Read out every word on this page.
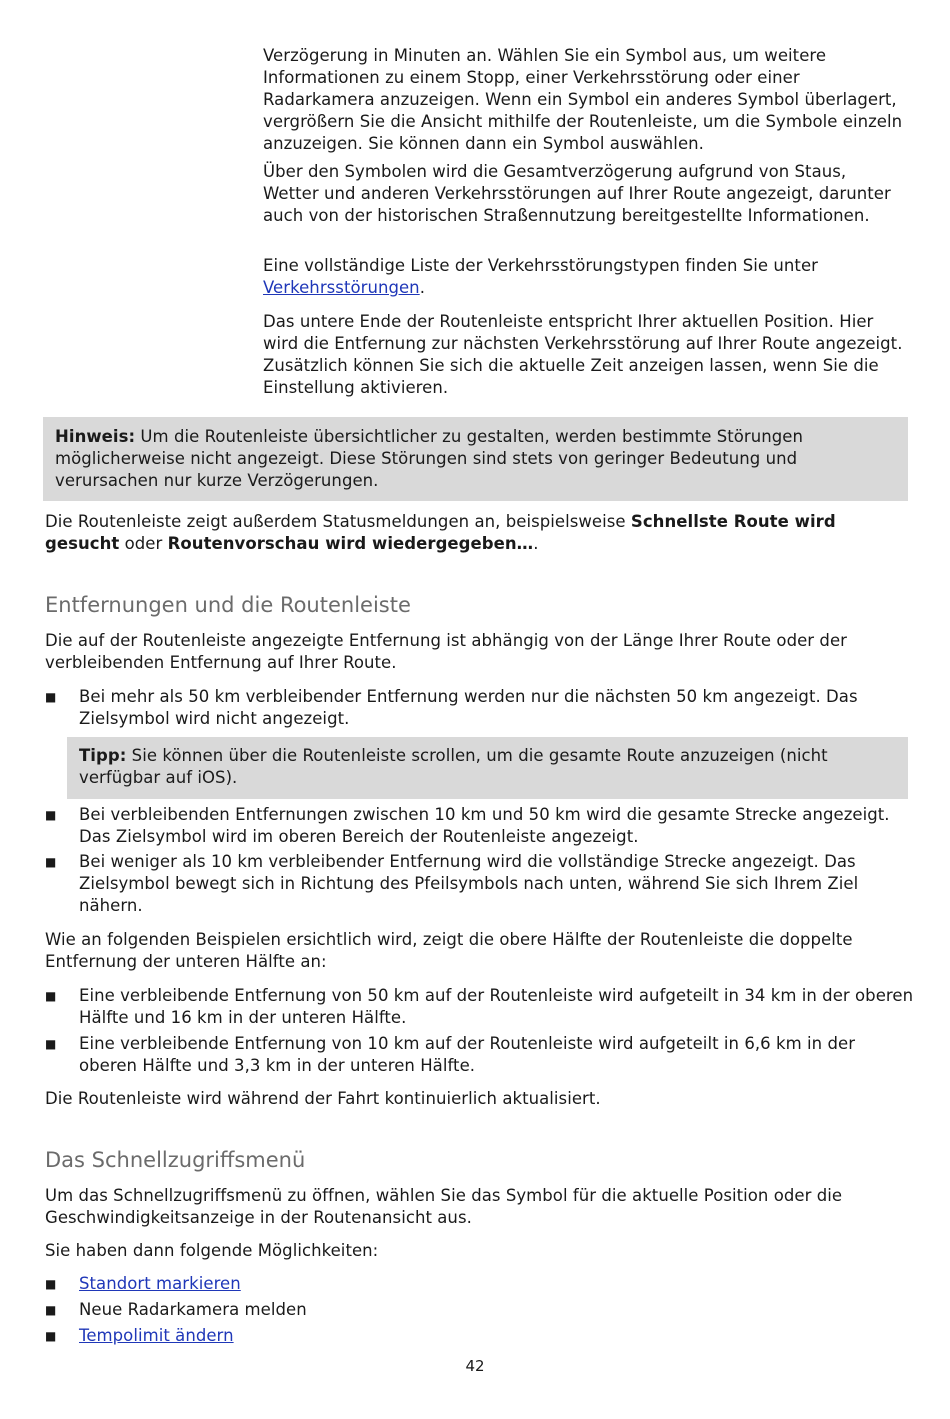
Verzögerung in Minuten an. Wählen Sie ein Symbol aus, um weitere Informationen zu einem Stopp, einer Verkehrsstörung oder einer Radarkamera anzuzeigen. Wenn ein Symbol ein anderes Symbol überlagert, vergrößern Sie die Ansicht mithilfe der Routenleiste, um die Symbole einzeln anzuzeigen. Sie können dann ein Symbol auswählen.

Über den Symbolen wird die Gesamtverzögerung aufgrund von Staus, Wetter und anderen Verkehrsstörungen auf Ihrer Route angezeigt, darunter auch von der historischen Straßennutzung bereitgestellte Informationen.

Eine vollständige Liste der Verkehrsstörungstypen finden Sie unter Verkehrsstörungen.

Das untere Ende der Routenleiste entspricht Ihrer aktuellen Position. Hier wird die Entfernung zur nächsten Verkehrsstörung auf Ihrer Route angezeigt. Zusätzlich können Sie sich die aktuelle Zeit anzeigen lassen, wenn Sie die Einstellung aktivieren.

Hinweis: Um die Routenleiste übersichtlicher zu gestalten, werden bestimmte Störungen möglicherweise nicht angezeigt. Diese Störungen sind stets von geringer Bedeutung und verursachen nur kurze Verzögerungen.

Die Routenleiste zeigt außerdem Statusmeldungen an, beispielsweise Schnellste Route wird gesucht oder Routenvorschau wird wiedergegeben….

Entfernungen und die Routenleiste

Die auf der Routenleiste angezeigte Entfernung ist abhängig von der Länge Ihrer Route oder der verbleibenden Entfernung auf Ihrer Route.

■ Bei mehr als 50 km verbleibender Entfernung werden nur die nächsten 50 km angezeigt. Das Zielsymbol wird nicht angezeigt.

Tipp: Sie können über die Routenleiste scrollen, um die gesamte Route anzuzeigen (nicht verfügbar auf iOS).

■ Bei verbleibenden Entfernungen zwischen 10 km und 50 km wird die gesamte Strecke angezeigt. Das Zielsymbol wird im oberen Bereich der Routenleiste angezeigt.

■ Bei weniger als 10 km verbleibender Entfernung wird die vollständige Strecke angezeigt. Das Zielsymbol bewegt sich in Richtung des Pfeilsymbols nach unten, während Sie sich Ihrem Ziel nähern.

Wie an folgenden Beispielen ersichtlich wird, zeigt die obere Hälfte der Routenleiste die doppelte Entfernung der unteren Hälfte an:

■ Eine verbleibende Entfernung von 50 km auf der Routenleiste wird aufgeteilt in 34 km in der oberen Hälfte und 16 km in der unteren Hälfte.

■ Eine verbleibende Entfernung von 10 km auf der Routenleiste wird aufgeteilt in 6,6 km in der oberen Hälfte und 3,3 km in der unteren Hälfte.

Die Routenleiste wird während der Fahrt kontinuierlich aktualisiert.

Das Schnellzugriffsmenü

Um das Schnellzugriffsmenü zu öffnen, wählen Sie das Symbol für die aktuelle Position oder die Geschwindigkeitsanzeige in der Routenansicht aus.

Sie haben dann folgende Möglichkeiten:

■ Standort markieren

■ Neue Radarkamera melden

■ Tempolimit ändern

42
